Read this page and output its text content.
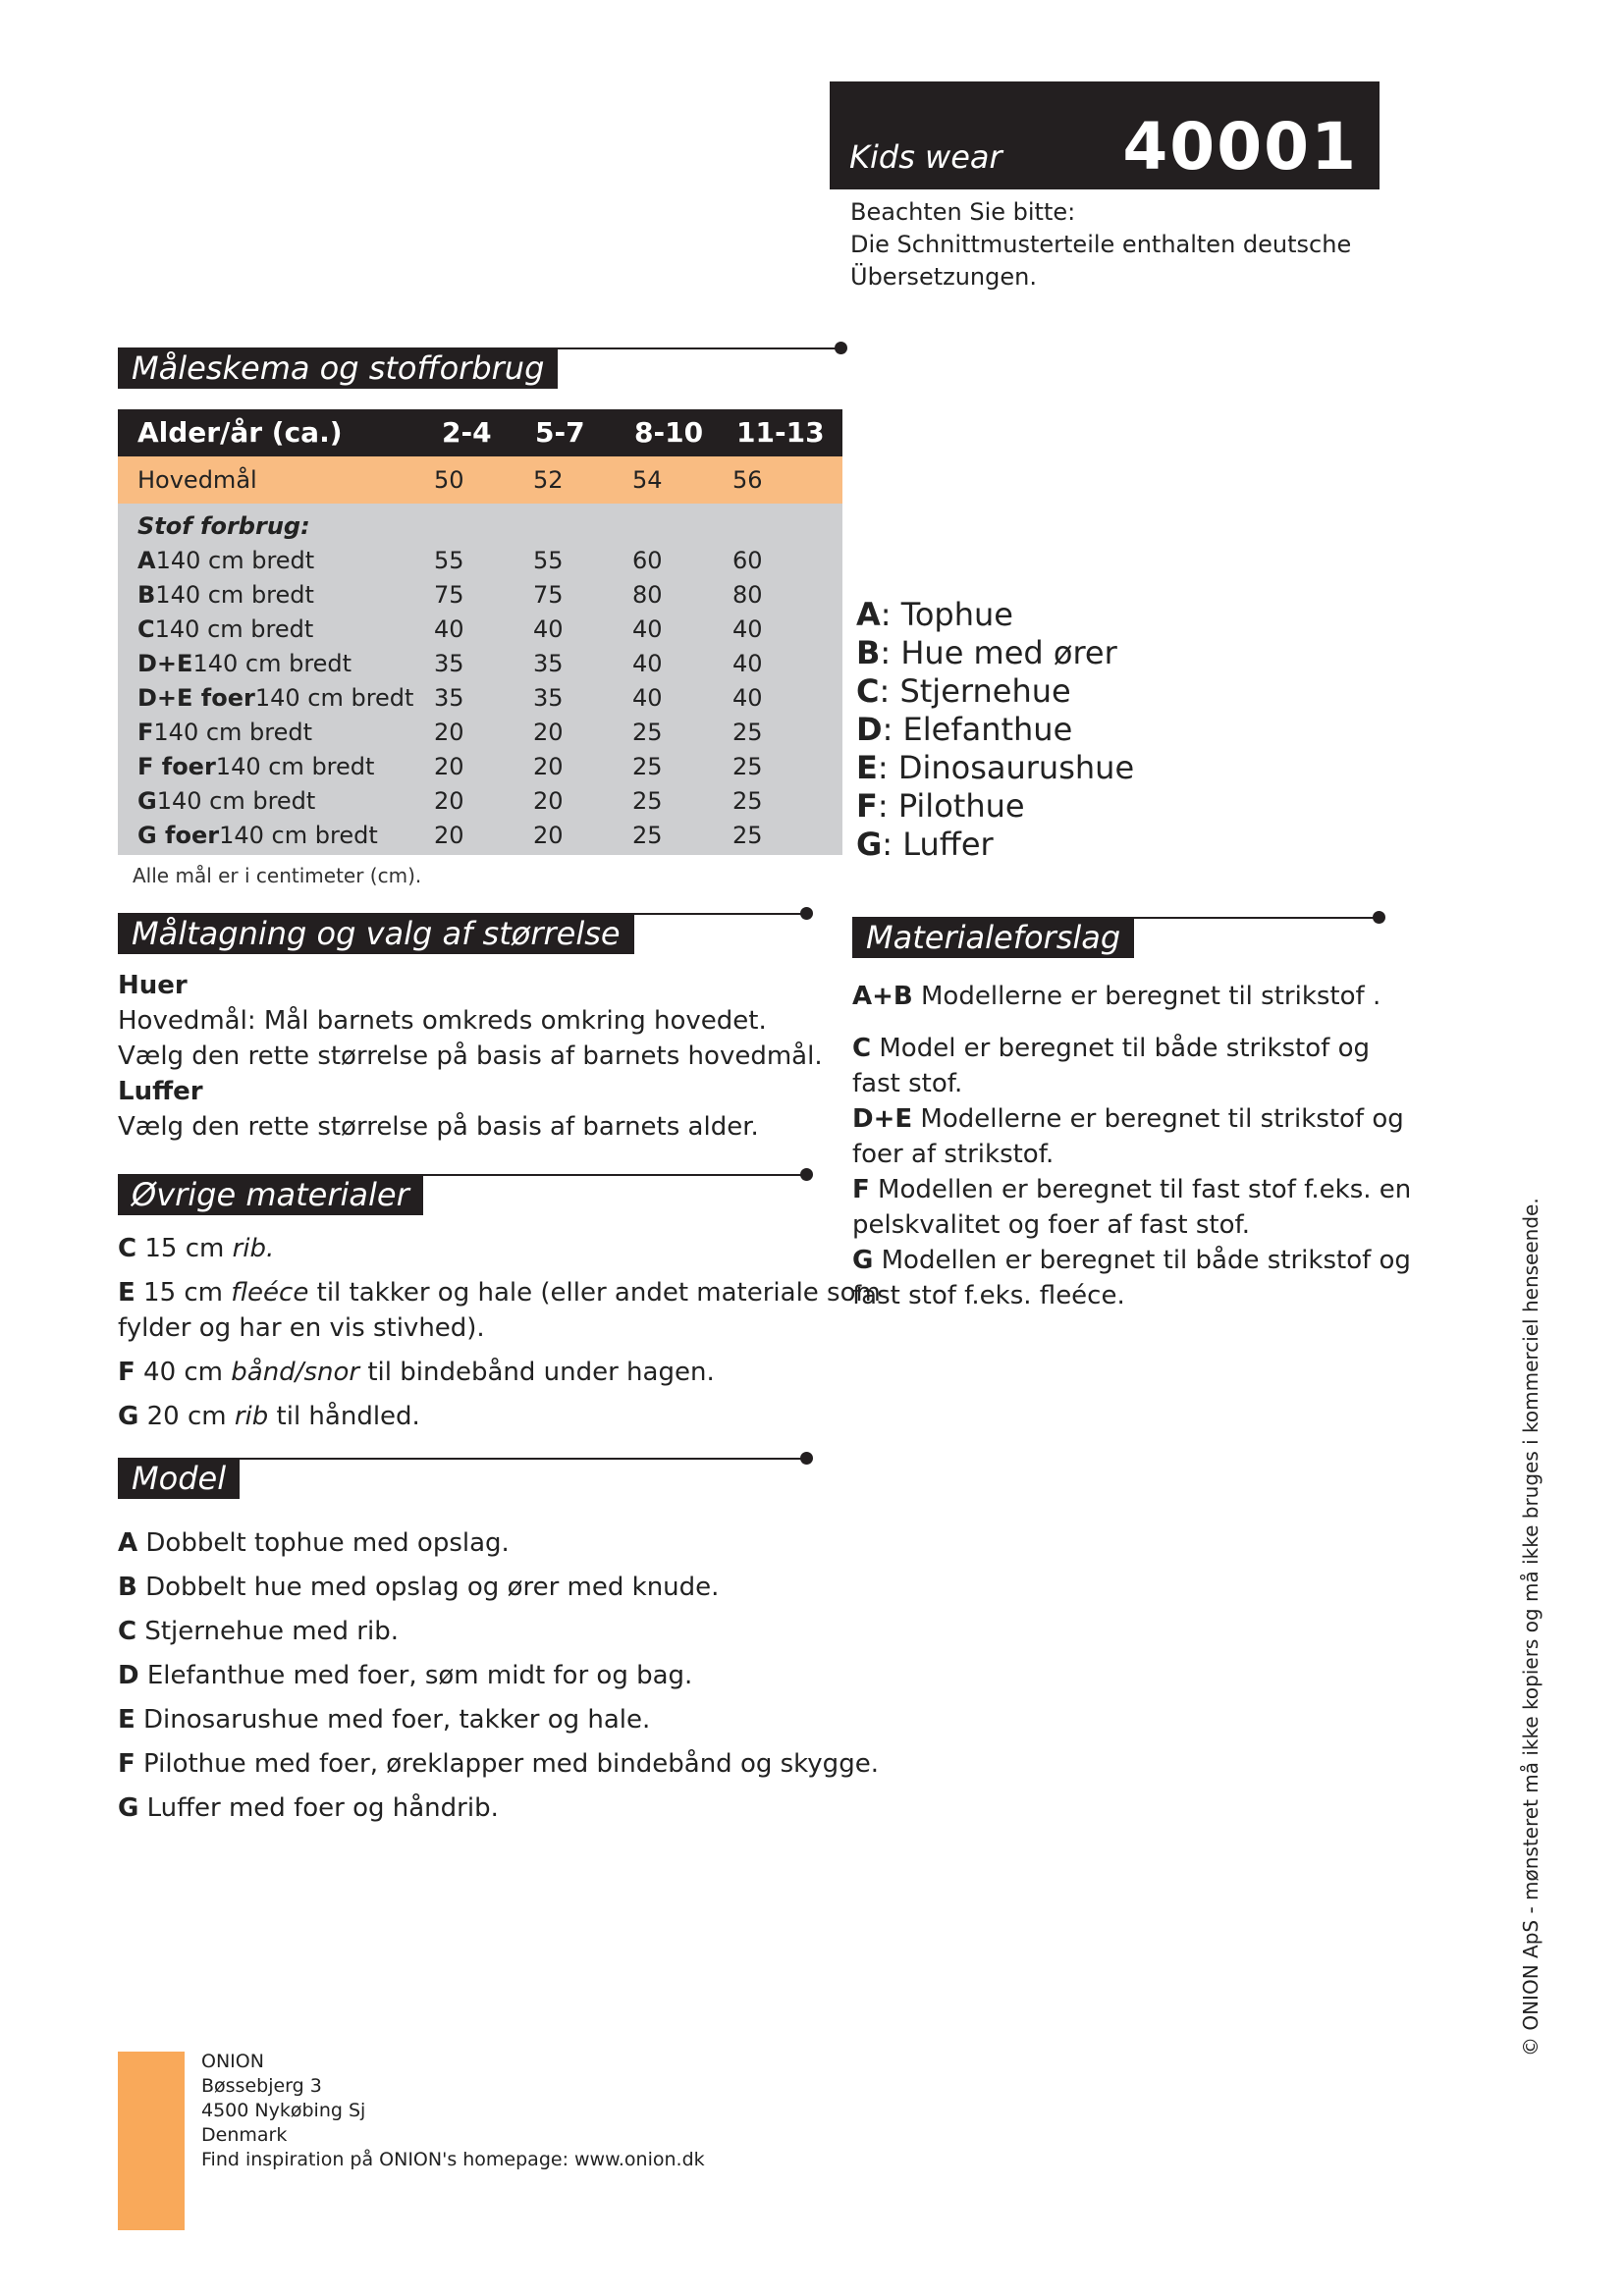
Kids wear 40001
Beachten Sie bitte:
Die Schnittmusterteile enthalten deutsche
Übersetzungen.
Måleskema og stofforbrug
Alder/år (ca.)	2-4 5-7 8-10 11-13
Hovedmål	50	52	54	56
Stof forbrug:
A 140 cm bredt	55	55	60	60
B 140 cm bredt	75	75	80	80
C 140 cm bredt	40	40	40	40
D+E 140 cm bredt	35	35	40	40
D+E foer 140 cm bredt 35	35	40	40
F 140 cm bredt	20	20	25	25
F foer 140 cm bredt	20	20	25	25
G 140 cm bredt	20	20	25	25
G foer 140 cm bredt 20	20	25	25
Alle mål er i centimeter (cm).
A: Tophue
B: Hue med ører
C: Stjernehue
D: Elefanthue
E: Dinosaurushue
F: Pilothue
G: Luffer
Måltagning og valg af størrelse
Huer
Hovedmål: Mål barnets omkreds omkring hovedet.
Vælg den rette størrelse på basis af barnets hovedmål.
Luffer
Vælg den rette størrelse på basis af barnets alder.
Øvrige materialer
C 15 cm rib.
E 15 cm fleéce til takker og hale (eller andet materiale som
fylder og har en vis stivhed).
F 40 cm bånd/snor til bindebånd under hagen.
G 20 cm rib til håndled.
Model
A Dobbelt tophue med opslag.
B Dobbelt hue med opslag og ører med knude.
C Stjernehue med rib.
D Elefanthue med foer, søm midt for og bag.
E Dinosarushue med foer, takker og hale.
F Pilothue med foer, øreklapper med bindebånd og skygge.
G Luffer med foer og håndrib.
Materialeforslag
A+B Modellerne er beregnet til strikstof .
C Model er beregnet til både strikstof og
fast stof.
D+E Modellerne er beregnet til strikstof og
foer af strikstof.
F Modellen er beregnet til fast stof f.eks. en
pelskvalitet og foer af fast stof.
G Modellen er beregnet til både strikstof og
fast stof f.eks. fleéce.
ONION
Bøssebjerg 3
4500 Nykøbing Sj
Denmark
Find inspiration på ONION's homepage: www.onion.dk
© ONION ApS - mønsteret må ikke kopiers og må ikke bruges i kommerciel henseende.
